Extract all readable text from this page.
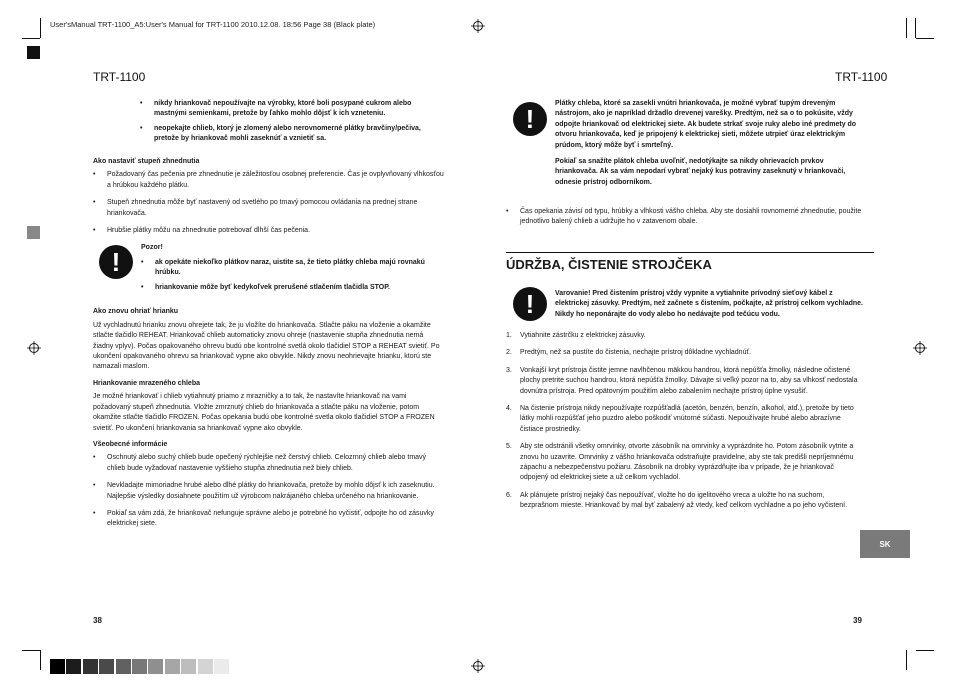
User'sManual TRT-1100_A5:User's Manual for TRT-1100 2010.12.08. 18:56 Page 38 (Black plate)
TRT-1100
• nikdy hriankovač nepoužívajte na výrobky, ktoré boli posypané cukrom alebo mastnými semienkami, pretože by ľahko mohlo dôjsť k ich vzneteniu.
• neopekajte chlieb, ktorý je zlomený alebo nerovnomerné plátky bravčiny/pečiva, pretože by hriankovač mohli zaseknúť a vznietiť sa.
Ako nastaviť stupeň zhnednutia
• Požadovaný čas pečenia pre zhnednutie je záležitosťou osobnej preferencie. Čas je ovplyvňovaný vlhkosťou a hrúbkou každého plátku.
• Stupeň zhnednutia môže byť nastavený od svetlého po tmavý pomocou ovládania na prednej strane hriankovača.
• Hrubšie plátky môžu na zhnednutie potrebovať dlhší čas pečenia.
!	Pozor!
• ak opekáte niekoľko plátkov naraz, uistite sa, že tieto plátky chleba majú rovnakú hrúbku.
• hriankovanie môže byť kedykoľvek prerušené stlačením tlačidla STOP.
Ako znovu ohriať hrianku

Už vychladnutú hrianku znovu ohrejete tak, že ju vložíte do hriankovača. Stlačte páku na vloženie a okamžite stlačte tlačidlo REHEAT. Hriankovač chlieb automaticky znovu ohreje (nastavenie stupňa zhnednutia nemá žiadny vplyv). Počas opakovaného ohrevu budú obe kontrolné svetlá okolo tlačidiel STOP a REHEAT svietiť. Po ukončení opakovaného ohrevu sa hriankovač vypne ako obvykle. Nikdy znovu neohrievajte hrianku, ktorú ste namazali maslom.

Hriankovanie mrazeného chleba

Je možné hriankovať i chlieb vytiahnutý priamo z mrazničky a to tak, že nastavíte hriankovač na vami požadovaný stupeň zhnednutia. Vložte zmrznutý chlieb do hriankovača a stlačte páku na vloženie, potom okamžite stlačte tlačidlo FROZEN. Počas opekania budú obe kontrolné svetla okolo tlačidiel STOP a FROZEN svietiť. Po ukončení hriankovania sa hriankovač vypne ako obvykle.

Všeobecné informácie
• Oschnutý alebo suchý chlieb bude opečený rýchlejšie než čerstvý chlieb. Celozrnný chlieb alebo tmavý chlieb bude vyžadovať nastavenie vyššieho stupňa zhnednutia než biely chlieb.
• Nevkladajte mimoriadne hrubé alebo dlhé plátky do hriankovača, pretože by mohlo dôjsť k ich zaseknutiu. Najlepšie výsledky dosiahnete použitím už výrobcom nakrájaného chleba určeného na hriankovanie.
• Pokiaľ sa vám zdá, že hriankovač nefunguje správne alebo je potrebné ho vyčistiť, odpojte ho od zásuvky elektrickej siete.
38
TRT-1100
!	Plátky chleba, ktoré sa zasekli vnútri hriankovača, je možné vybrať tupým dreveným nástrojom, ako je napríklad držadlo drevenej varešky. Predtým, než sa o to pokúsite, vždy odpojte hriankovač od elektrickej siete. Ak budete strkať svoje ruky alebo iné predmety do otvoru hriankovača, keď je pripojený k elektrickej sieti, môžete utrpieť úraz elektrickým prúdom, ktorý môže byť i smrteľný.

Pokiaľ sa snažíte plátok chleba uvoľniť, nedotýkajte sa nikdy ohrievacích prvkov hriankovača. Ak sa vám nepodarí vybrať nejaký kus potraviny zaseknutý v hriankovači, odnesie prístroj odborníkom.

• Čas opekania závisí od typu, hrúbky a vlhkosti vášho chleba. Aby ste dosiahli rovnomerné zhnednutie, použite jednotlivo balený chlieb a udržujte ho v zatavenom obale.
ÚDRŽBA, ČISTENIE STROJČEKA
!	Varovanie! Pred čistením prístroj vždy vypnite a vytiahnite prívodný sieťový kábel z elektrickej zásuvky. Predtým, než začnete s čistením, počkajte, až prístroj celkom vychladne. Nikdy ho neponárajte do vody alebo ho nedávajte pod tečúcu vodu.

1. Vytiahnite zástrčku z elektrickej zásuvky.
2. Predtým, než sa pustíte do čistenia, nechajte prístroj dôkladne vychladnúť.
3. Vonkajší kryt prístroja čistite jemne navlhčenou mäkkou handrou, ktorá nepúšťa žmolky, následne očistené plochy pretrite suchou handrou, ktorá nepúšťa žmolky. Dávajte si veľký pozor na to, aby sa vlhkosť nedostala dovnútra prístroja. Pred opätovným použitím alebo zabalením nechajte prístroj úplne vysušiť.
4. Na čistenie prístroja nikdy nepoužívajte rozpúšťadlá (acetón, benzén, benzín, alkohol, atď.), pretože by tieto látky mohli rozpúšťať jeho puzdro alebo poškodiť vnútorné súčasti. Nepoužívajte hrubé alebo abrazívne čistiace prostriedky.
5. Aby ste odstránili všetky omrvinky, otvorte zásobník na omrvinky a vyprázdnite ho. Potom zásobník vytrite a znovu ho uzavrite. Omrvinky z vášho hriankovača odstraňujte pravidelne, aby ste tak predišli nepríjemnému zápachu a nebezpečenstvu požiaru. Zásobník na drobky vyprázdňujte iba v prípade, že je hriankovač odpojený od elektrickej siete a už celkom vychladol.
6. Ak plánujete prístroj nejaký čas nepoužívať, vložte ho do igelitového vreca a uložte ho na suchom, bezprašnom mieste. Hriankovač by mal byť zabalený až vtedy, keď celkom vychladne a po jeho vyčistení.
SK
39
